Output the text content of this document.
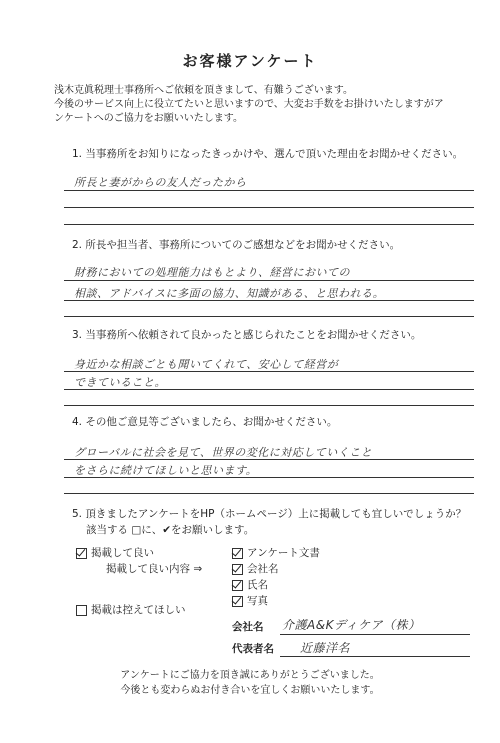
お客様アンケート
浅木克眞税理士事務所へご依頼を頂きまして、有難うございます。
今後のサービス向上に役立てたいと思いますので、大変お手数をお掛けいたしますがア
ンケートへのご協力をお願いいたします。
1. 当事務所をお知りになったきっかけや、選んで頂いた理由をお聞かせください。
所長と妻がからの友人だったから
2. 所長や担当者、事務所についてのご感想などをお聞かせください。
財務においての処理能力はもとより、経営においての
相談、アドバイスに多面の協力、知識がある、と思われる。
3. 当事務所へ依頼されて良かったと感じられたことをお聞かせください。
身近かな相談ごとも聞いてくれて、安心して経営が
できていること。
4. その他ご意見等ございましたら、お聞かせください。
グローバルに社会を見て、世界の変化に対応していくこと
をさらに続けてほしいと思います。
5. 頂きましたアンケートをHP（ホームページ）上に掲載しても宜しいでしょうか？
該当する □に、✔をお願いします。
掲載して良い
掲載して良い内容 ⇒
アンケート文書
会社名
氏名
写真
掲載は控えてほしい
会社名 介護A&Kディケア（株）
代表者名 近藤洋名
アンケートにご協力を頂き誠にありがとうございました。
今後とも変わらぬお付き合いを宜しくお願いいたします。
